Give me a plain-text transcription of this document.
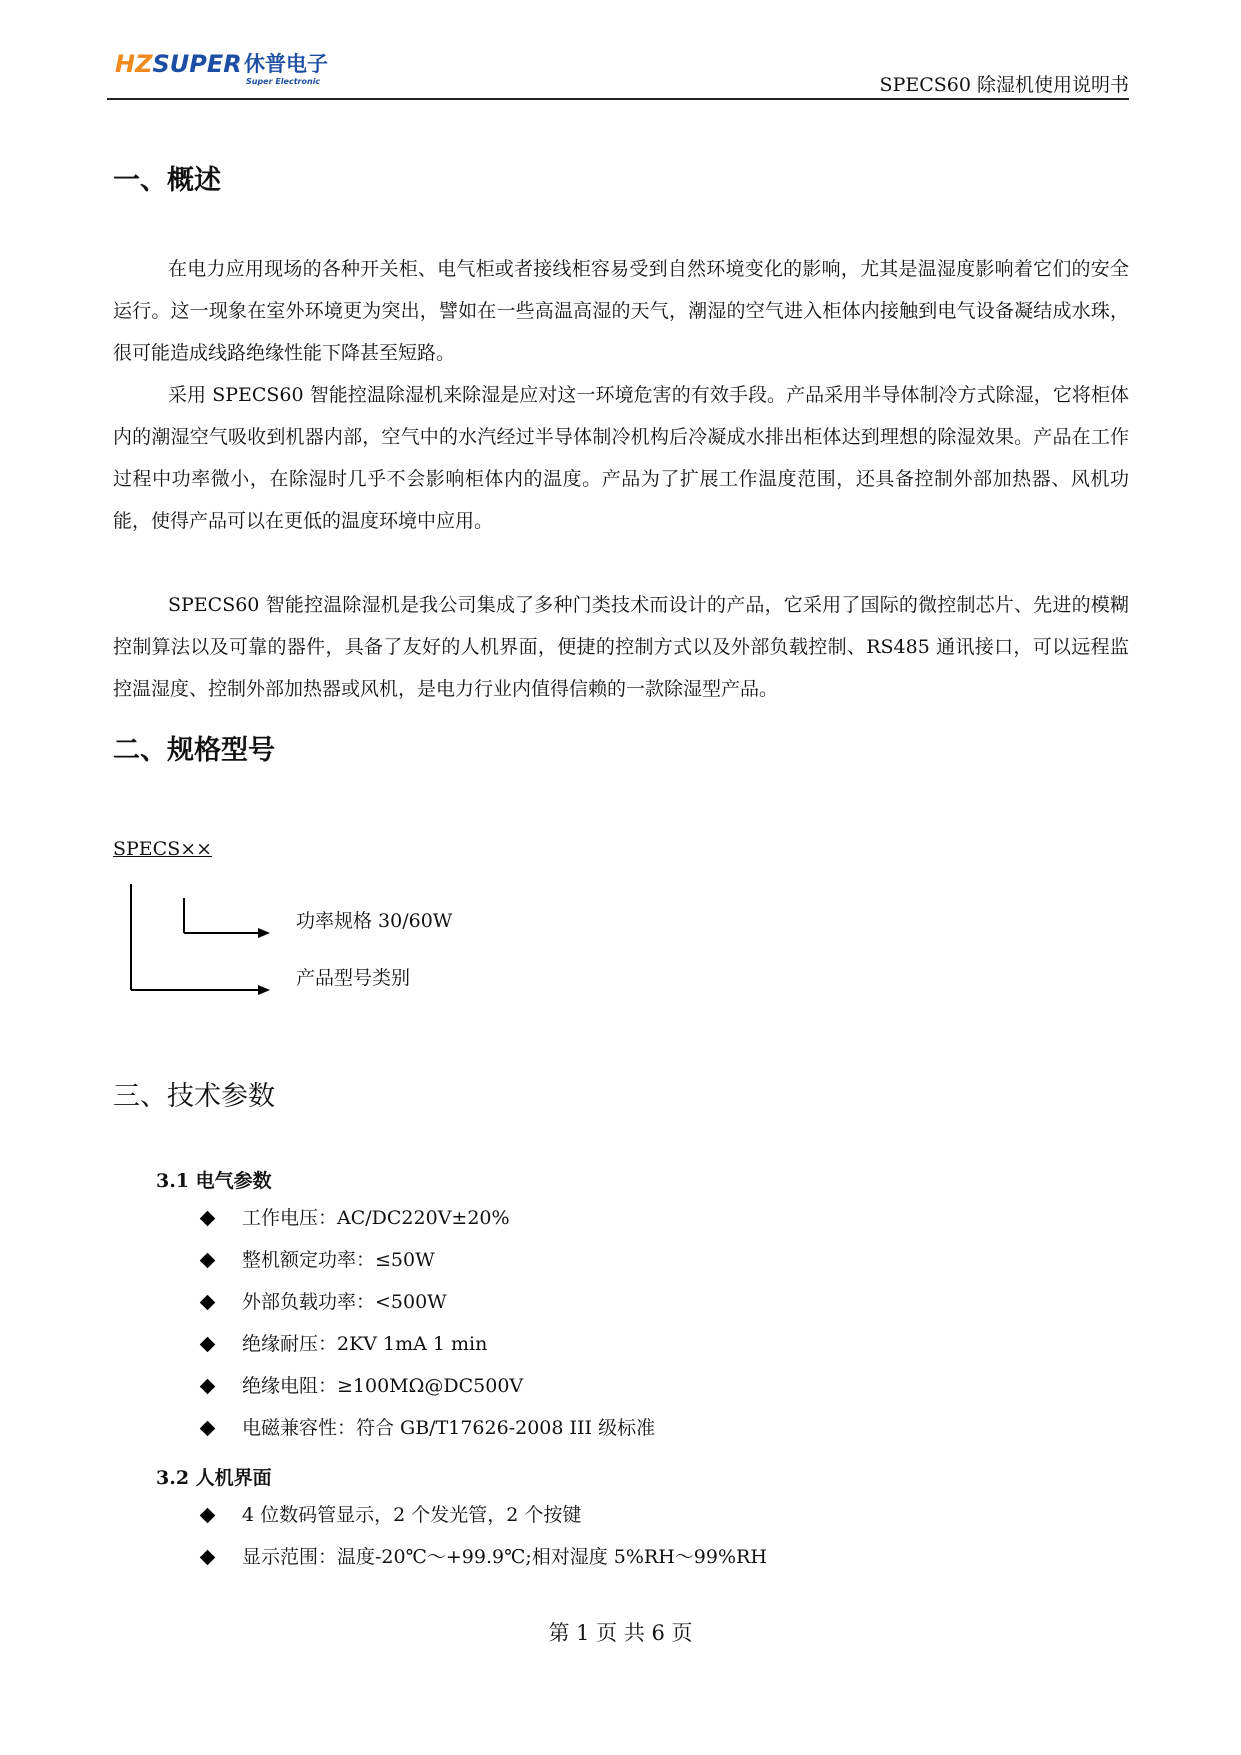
HZSUPER 休普电子
Super Electronic	SPECS60 除湿机使用说明书
一、概述
在电力应用现场的各种开关柜、电气柜或者接线柜容易受到自然环境变化的影响，尤其是温湿度影响着它们的安全运行。这一现象在室外环境更为突出，譬如在一些高温高湿的天气，潮湿的空气进入柜体内接触到电气设备凝结成水珠，很可能造成线路绝缘性能下降甚至短路。
采用 SPECS60 智能控温除湿机来除湿是应对这一环境危害的有效手段。产品采用半导体制冷方式除湿，它将柜体内的潮湿空气吸收到机器内部，空气中的水汽经过半导体制冷机构后冷凝成水排出柜体达到理想的除湿效果。产品在工作过程中功率微小，在除湿时几乎不会影响柜体内的温度。产品为了扩展工作温度范围，还具备控制外部加热器、风机功能，使得产品可以在更低的温度环境中应用。
SPECS60 智能控温除湿机是我公司集成了多种门类技术而设计的产品，它采用了国际的微控制芯片、先进的模糊控制算法以及可靠的器件，具备了友好的人机界面，便捷的控制方式以及外部负载控制、RS485 通讯接口，可以远程监控温湿度、控制外部加热器或风机，是电力行业内值得信赖的一款除湿型产品。
二、规格型号
SPECS××
功率规格 30/60W
产品型号类别
三、技术参数
3.1 电气参数
工作电压：AC/DC220V±20%
整机额定功率：≤50W
外部负载功率：<500W
绝缘耐压：2KV 1mA 1 min
绝缘电阻：≥100MΩ@DC500V
电磁兼容性：符合 GB/T17626-2008 III 级标准
3.2 人机界面
4 位数码管显示，2 个发光管，2 个按键
显示范围：温度-20℃～+99.9℃;相对湿度 5%RH～99%RH
第 1 页 共 6 页
